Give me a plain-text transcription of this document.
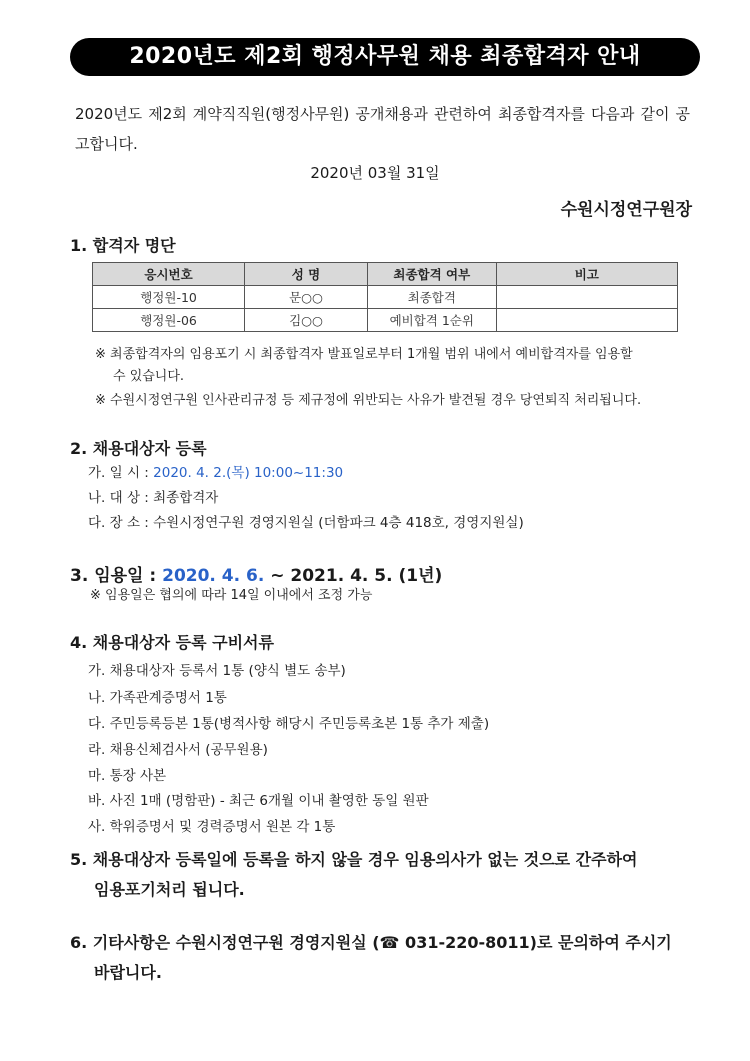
2020년도 제2회 행정사무원 채용 최종합격자 안내
2020년도 제2회 계약직직원(행정사무원) 공개채용과 관련하여 최종합격자를 다음과 같이 공고합니다.
2020년 03월 31일
수원시정연구원장
1. 합격자 명단
응시번호	성 명	최종합격 여부	비고
행정원-10	문○○	최종합격	
행정원-06	김○○	예비합격 1순위	
※ 최종합격자의 임용포기 시 최종합격자 발표일로부터 1개월 범위 내에서 예비합격자를 임용할
수 있습니다.
※ 수원시정연구원 인사관리규정 등 제규정에 위반되는 사유가 발견될 경우 당연퇴직 처리됩니다.
2. 채용대상자 등록
가. 일 시 : 2020. 4. 2.(목) 10:00~11:30
나. 대 상 : 최종합격자
다. 장 소 : 수원시정연구원 경영지원실 (더함파크 4층 418호, 경영지원실)
3. 임용일 : 2020. 4. 6. ~ 2021. 4. 5. (1년)
※ 임용일은 협의에 따라 14일 이내에서 조정 가능
4. 채용대상자 등록 구비서류
가. 채용대상자 등록서 1통 (양식 별도 송부)
나. 가족관계증명서 1통
다. 주민등록등본 1통(병적사항 해당시 주민등록초본 1통 추가 제출)
라. 채용신체검사서 (공무원용)
마. 통장 사본
바. 사진 1매 (명함판) - 최근 6개월 이내 촬영한 동일 원판
사. 학위증명서 및 경력증명서 원본 각 1통
5. 채용대상자 등록일에 등록을 하지 않을 경우 임용의사가 없는 것으로 간주하여
임용포기처리 됩니다.
6. 기타사항은 수원시정연구원 경영지원실 (☎ 031-220-8011)로 문의하여 주시기
바랍니다.
